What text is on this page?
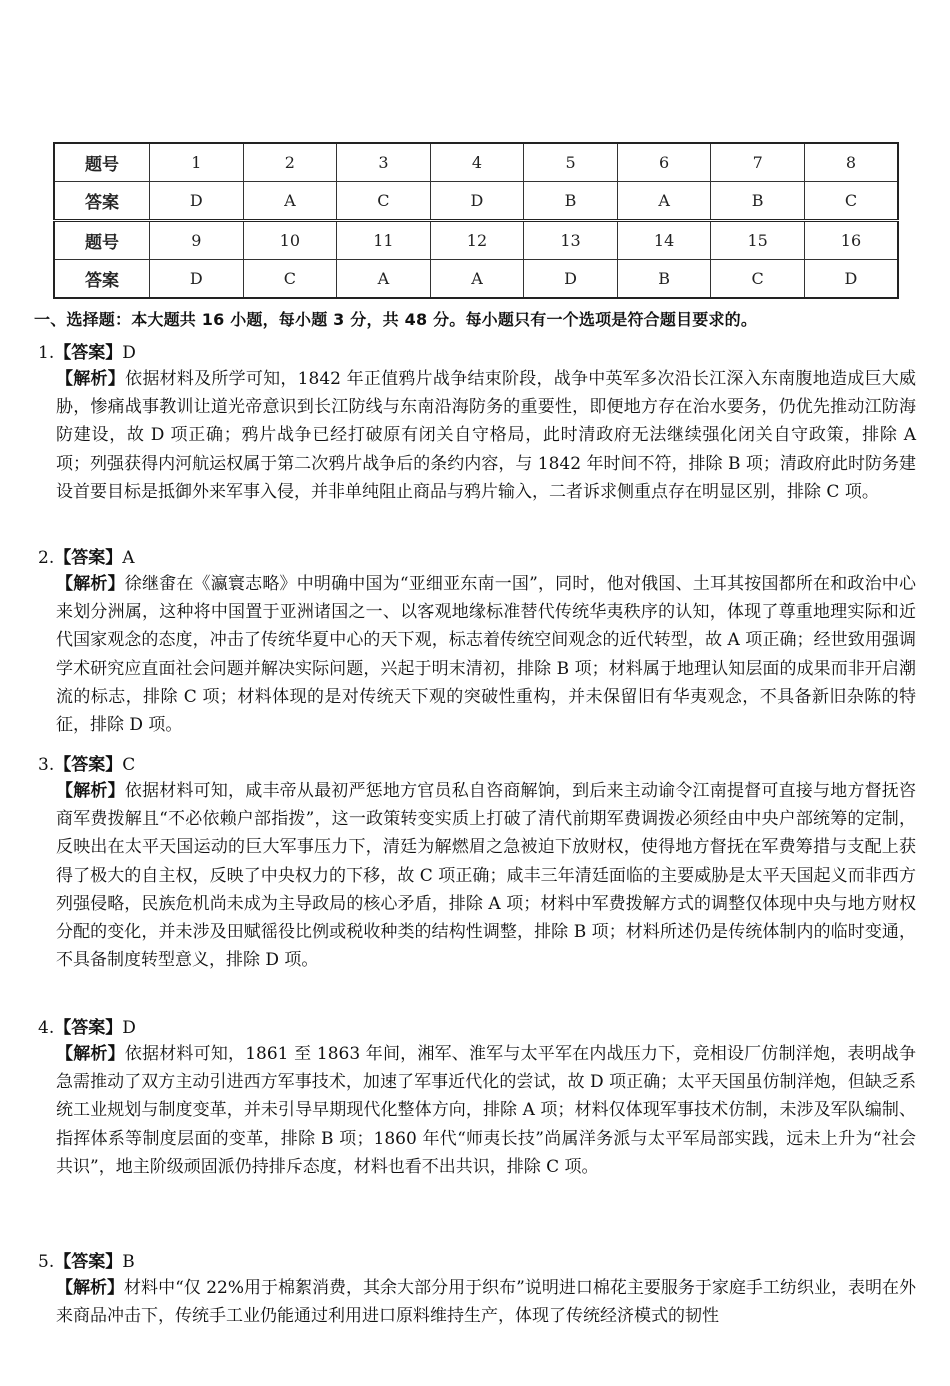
题号	1	2	3	4	5	6	7	8
答案	D	A	C	D	B	A	B	C
题号	9	10	11	12	13	14	15	16
答案	D	C	A	A	D	B	C	D
一、选择题：本大题共 16 小题，每小题 3 分，共 48 分。每小题只有一个选项是符合题目要求的。
1.【答案】D
【解析】依据材料及所学可知，1842 年正值鸦片战争结束阶段，战争中英军多次沿长江深入东南腹地造成巨大威胁，惨痛战事教训让道光帝意识到长江防线与东南沿海防务的重要性，即便地方存在治水要务，仍优先推动江防海防建设，故 D 项正确；鸦片战争已经打破原有闭关自守格局，此时清政府无法继续强化闭关自守政策，排除 A 项；列强获得内河航运权属于第二次鸦片战争后的条约内容，与 1842 年时间不符，排除 B 项；清政府此时防务建设首要目标是抵御外来军事入侵，并非单纯阻止商品与鸦片输入，二者诉求侧重点存在明显区别，排除 C 项。
2.【答案】A
【解析】徐继畬在《瀛寰志略》中明确中国为“亚细亚东南一国”，同时，他对俄国、土耳其按国都所在和政治中心来划分洲属，这种将中国置于亚洲诸国之一、以客观地缘标准替代传统华夷秩序的认知，体现了尊重地理实际和近代国家观念的态度，冲击了传统华夏中心的天下观，标志着传统空间观念的近代转型，故 A 项正确；经世致用强调学术研究应直面社会问题并解决实际问题，兴起于明末清初，排除 B 项；材料属于地理认知层面的成果而非开启潮流的标志，排除 C 项；材料体现的是对传统天下观的突破性重构，并未保留旧有华夷观念，不具备新旧杂陈的特征，排除 D 项。
3.【答案】C
【解析】依据材料可知，咸丰帝从最初严惩地方官员私自咨商解饷，到后来主动谕令江南提督可直接与地方督抚咨商军费拨解且“不必依赖户部指拨”，这一政策转变实质上打破了清代前期军费调拨必须经由中央户部统筹的定制，反映出在太平天国运动的巨大军事压力下，清廷为解燃眉之急被迫下放财权，使得地方督抚在军费筹措与支配上获得了极大的自主权，反映了中央权力的下移，故 C 项正确；咸丰三年清廷面临的主要威胁是太平天国起义而非西方列强侵略，民族危机尚未成为主导政局的核心矛盾，排除 A 项；材料中军费拨解方式的调整仅体现中央与地方财权分配的变化，并未涉及田赋徭役比例或税收种类的结构性调整，排除 B 项；材料所述仍是传统体制内的临时变通，不具备制度转型意义，排除 D 项。
4.【答案】D
【解析】依据材料可知，1861 至 1863 年间，湘军、淮军与太平军在内战压力下，竞相设厂仿制洋炮，表明战争急需推动了双方主动引进西方军事技术，加速了军事近代化的尝试，故 D 项正确；太平天国虽仿制洋炮，但缺乏系统工业规划与制度变革，并未引导早期现代化整体方向，排除 A 项；材料仅体现军事技术仿制，未涉及军队编制、指挥体系等制度层面的变革，排除 B 项；1860 年代“师夷长技”尚属洋务派与太平军局部实践，远未上升为“社会共识”，地主阶级顽固派仍持排斥态度，材料也看不出共识，排除 C 项。
5.【答案】B
【解析】材料中“仅 22%用于棉絮消费，其余大部分用于织布”说明进口棉花主要服务于家庭手工纺织业，表明在外来商品冲击下，传统手工业仍能通过利用进口原料维持生产，体现了传统经济模式的韧性
